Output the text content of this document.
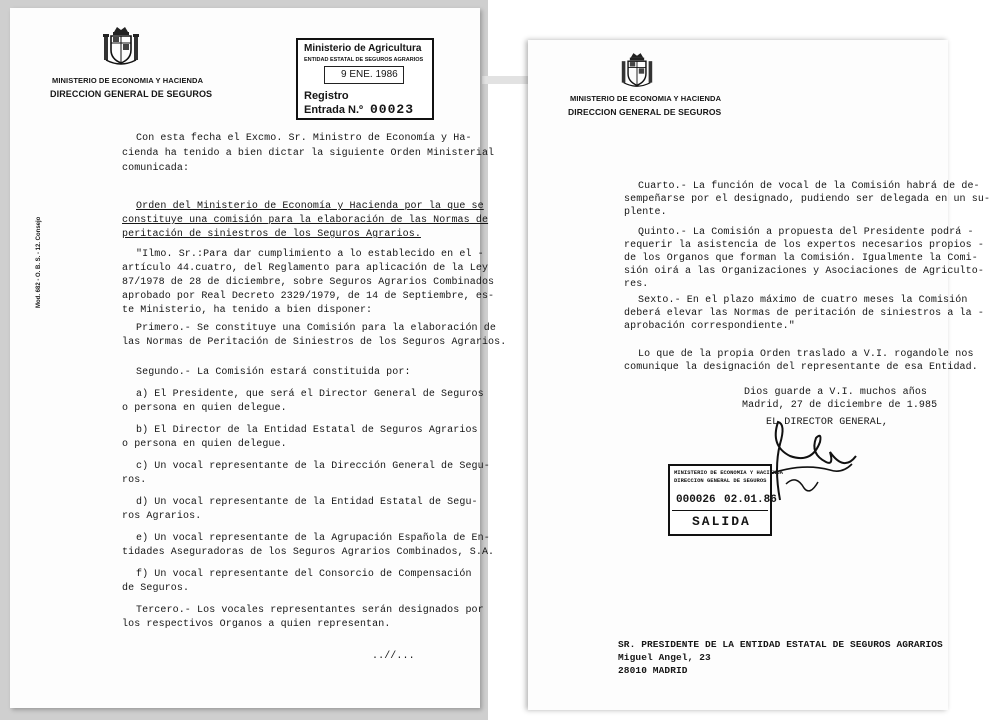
MINISTERIO DE ECONOMIA Y HACIENDA
DIRECCION GENERAL DE SEGUROS
Ministerio de Agricultura
ENTIDAD ESTATAL DE SEGUROS AGRARIOS
9 ENE. 1986
Registro
Entrada N.º 00023
Mod. 682 - O. B. S. - 12. Consejo
Con esta fecha el Excmo. Sr. Ministro de Economía y Ha-
cienda ha tenido a bien dictar la siguiente Orden Ministerial
comunicada:
Orden del Ministerio de Economía y Hacienda por la que se
constituye una comisión para la elaboración de las Normas de
peritación de siniestros de los Seguros Agrarios.
"Ilmo. Sr.:Para dar cumplimiento a lo establecido en el -
artículo 44.cuatro, del Reglamento para aplicación de la Ley
87/1978 de 28 de diciembre, sobre Seguros Agrarios Combinados
aprobado por Real Decreto 2329/1979, de 14 de Septiembre, es-
te Ministerio, ha tenido a bien disponer:
Primero.- Se constituye una Comisión para la elaboración de
las Normas de Peritación de Siniestros de los Seguros Agrarios.
Segundo.- La Comisión estará constituida por:
a) El Presidente, que será el Director General de Seguros
o persona en quien delegue.
b) El Director de la Entidad Estatal de Seguros Agrarios
o persona en quien delegue.
c) Un vocal representante de la Dirección General de Segu-
ros.
d) Un vocal representante de la Entidad Estatal de Segu-
ros Agrarios.
e) Un vocal representante de la Agrupación Española de En-
tidades Aseguradoras de los Seguros Agrarios Combinados, S.A.
f) Un vocal representante del Consorcio de Compensación
de Seguros.
Tercero.- Los vocales representantes serán designados por
los respectivos Organos a quien representan.
..//...
MINISTERIO DE ECONOMIA Y HACIENDA
DIRECCION GENERAL DE SEGUROS
Cuarto.- La función de vocal de la Comisión habrá de de-
sempeñarse por el designado, pudiendo ser delegada en un su-
plente.
Quinto.- La Comisión a propuesta del Presidente podrá -
requerir la asistencia de los expertos necesarios propios -
de los Organos que forman la Comisión. Igualmente la Comi-
sión oirá a las Organizaciones y Asociaciones de Agriculto-
res.
Sexto.- En el plazo máximo de cuatro meses la Comisión
deberá elevar las Normas de peritación de siniestros a la -
aprobación correspondiente."
Lo que de la propia Orden traslado a V.I. rogandole nos
comunique la designación del representante de esa Entidad.
Dios guarde a V.I. muchos años
Madrid, 27 de diciembre de 1.985
EL DIRECTOR GENERAL,
MINISTERIO DE ECONOMIA Y HACIENDA
DIRECCION GENERAL DE SEGUROS
000026 02.01.86
SALIDA
SR. PRESIDENTE DE LA ENTIDAD ESTATAL DE SEGUROS AGRARIOS
Miguel Angel, 23
28010 MADRID
